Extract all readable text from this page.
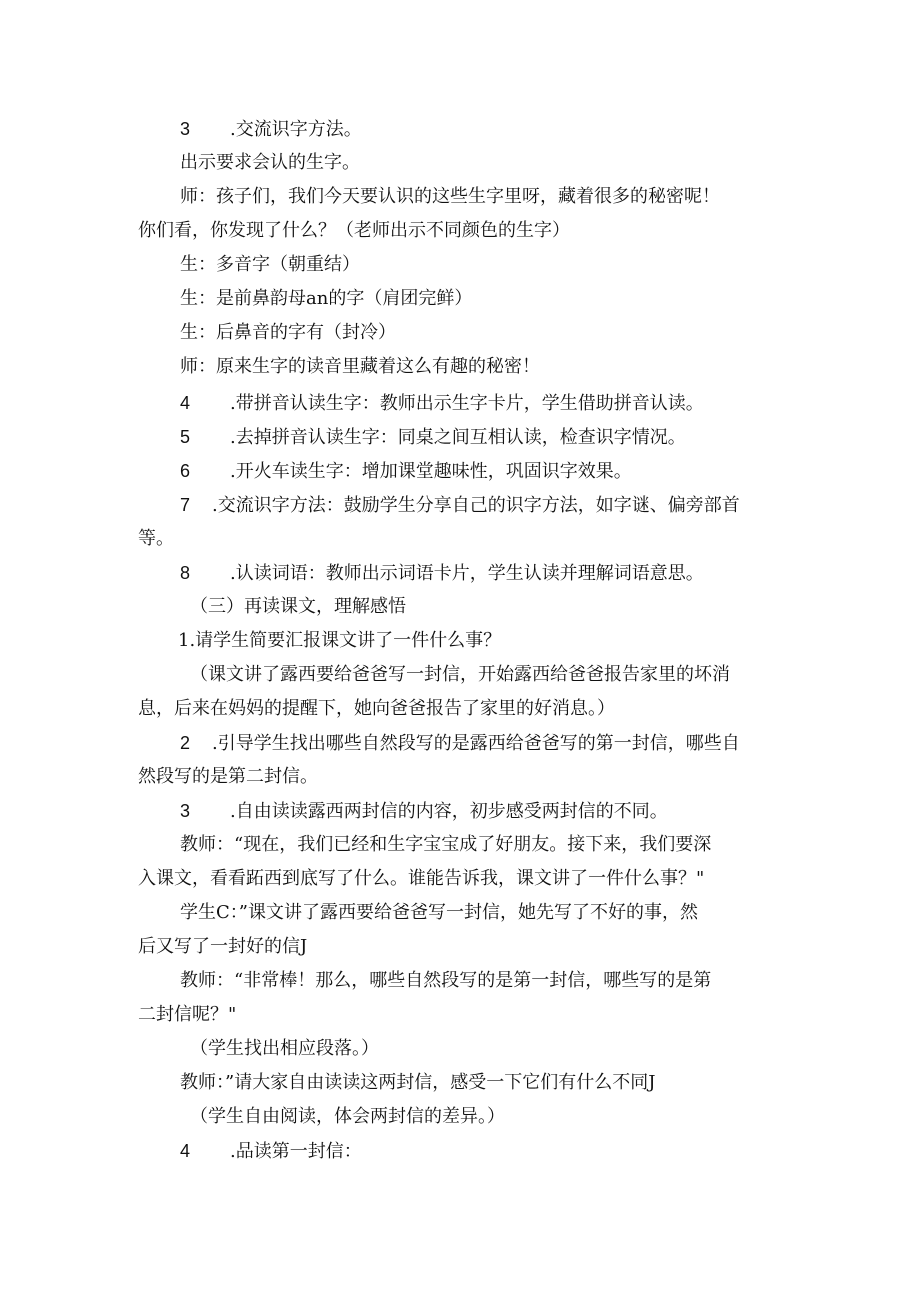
3 .交流识字方法。
出示要求会认的生字。
师：孩子们，我们今天要认识的这些生字里呀，藏着很多的秘密呢！
你们看，你发现了什么？（老师出示不同颜色的生字）
生：多音字（朝重结）
生：是前鼻韵母an的字（肩团完鲜）
生：后鼻音的字有（封冷）
师：原来生字的读音里藏着这么有趣的秘密！
4 .带拼音认读生字：教师出示生字卡片，学生借助拼音认读。
5 .去掉拼音认读生字：同桌之间互相认读，检查识字情况。
6 .开火车读生字：增加课堂趣味性，巩固识字效果。
7 .交流识字方法：鼓励学生分享自己的识字方法，如字谜、偏旁部首
等。
8 .认读词语：教师出示词语卡片，学生认读并理解词语意思。
（三）再读课文，理解感悟
1.请学生简要汇报课文讲了一件什么事？
（课文讲了露西要给爸爸写一封信，开始露西给爸爸报告家里的坏消
息，后来在妈妈的提醒下，她向爸爸报告了家里的好消息。）
2 .引导学生找出哪些自然段写的是露西给爸爸写的第一封信，哪些自
然段写的是第二封信。
3 .自由读读露西两封信的内容，初步感受两封信的不同。
教师：“现在，我们已经和生字宝宝成了好朋友。接下来，我们要深
入课文，看看跖西到底写了什么。谁能告诉我，课文讲了一件什么事？"
学生C：”课文讲了露西要给爸爸写一封信，她先写了不好的事，然
后又写了一封好的信J
教师：“非常棒！那么，哪些自然段写的是第一封信，哪些写的是第
二封信呢？"
（学生找出相应段落。）
教师：”请大家自由读读这两封信，感受一下它们有什么不同J
（学生自由阅读，体会两封信的差异。）
4 .品读第一封信：
